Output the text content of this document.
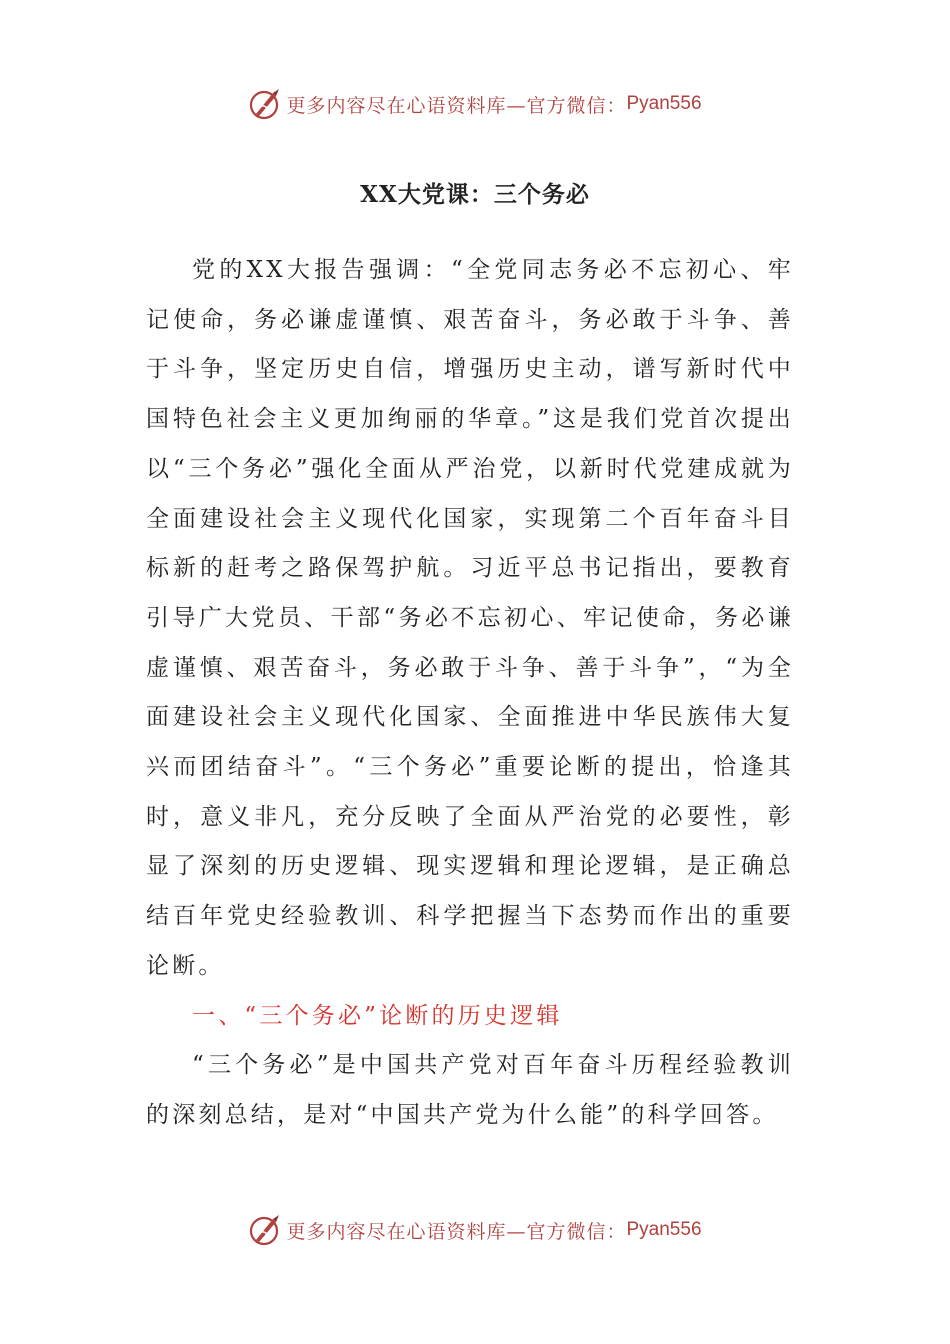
更多内容尽在心语资料库—官方微信： Pyan556
XX大党课：三个务必

党的XX大报告强调：“全党同志务必不忘初心、牢记使命，务必谦虚谨慎、艰苦奋斗，务必敢于斗争、善于斗争，坚定历史自信，增强历史主动，谱写新时代中国特色社会主义更加绚丽的华章。”这是我们党首次提出以“三个务必”强化全面从严治党，以新时代党建成就为全面建设社会主义现代化国家，实现第二个百年奋斗目标新的赶考之路保驾护航。习近平总书记指出，要教育引导广大党员、干部“务必不忘初心、牢记使命，务必谦虚谨慎、艰苦奋斗，务必敢于斗争、善于斗争”，“为全面建设社会主义现代化国家、全面推进中华民族伟大复兴而团结奋斗”。“三个务必”重要论断的提出，恰逢其时，意义非凡，充分反映了全面从严治党的必要性，彰显了深刻的历史逻辑、现实逻辑和理论逻辑，是正确总结百年党史经验教训、科学把握当下态势而作出的重要论断。

一、“三个务必”论断的历史逻辑

“三个务必”是中国共产党对百年奋斗历程经验教训的深刻总结，是对“中国共产党为什么能”的科学回答。

更多内容尽在心语资料库—官方微信： Pyan556
